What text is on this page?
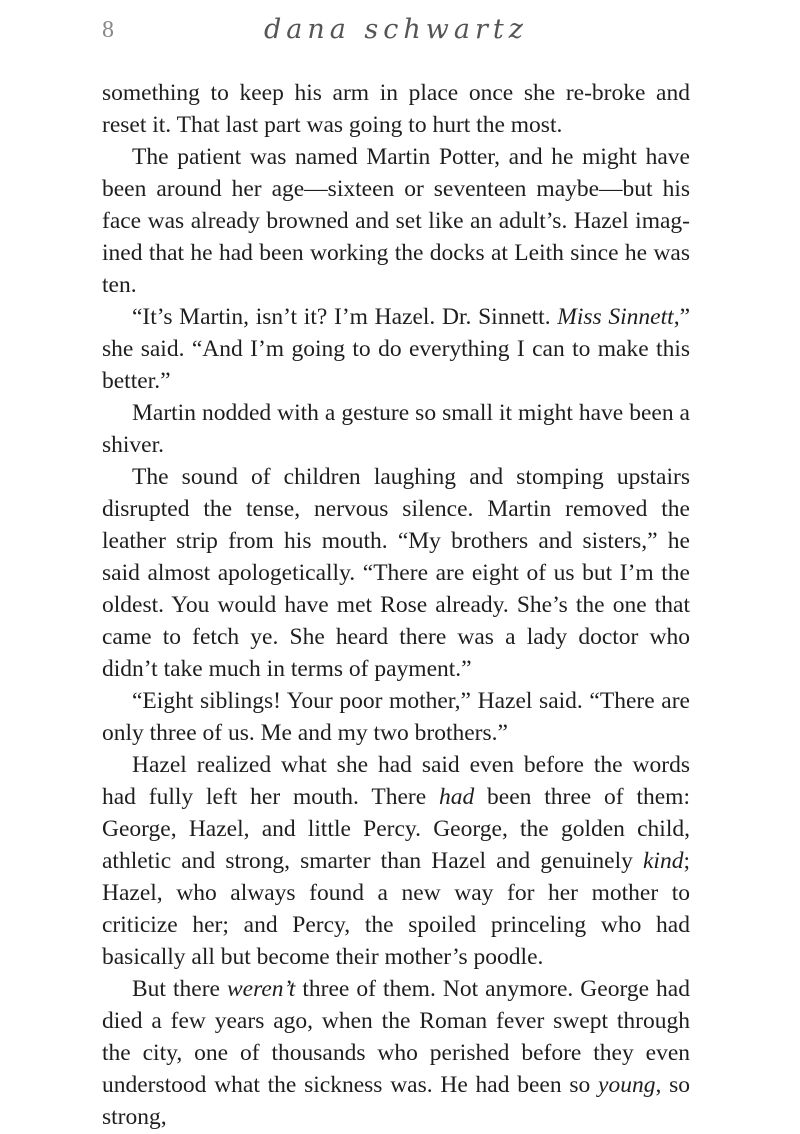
8	dana schwartz

something to keep his arm in place once she re-broke and reset it. That last part was going to hurt the most.

The patient was named Martin Potter, and he might have been around her age—sixteen or seventeen maybe—but his face was already browned and set like an adult’s. Hazel imagined that he had been working the docks at Leith since he was ten.

“It’s Martin, isn’t it? I’m Hazel. Dr. Sinnett. Miss Sinnett,” she said. “And I’m going to do everything I can to make this better.”

Martin nodded with a gesture so small it might have been a shiver.

The sound of children laughing and stomping upstairs disrupted the tense, nervous silence. Martin removed the leather strip from his mouth. “My brothers and sisters,” he said almost apologetically. “There are eight of us but I’m the oldest. You would have met Rose already. She’s the one that came to fetch ye. She heard there was a lady doctor who didn’t take much in terms of payment.”

“Eight siblings! Your poor mother,” Hazel said. “There are only three of us. Me and my two brothers.”

Hazel realized what she had said even before the words had fully left her mouth. There had been three of them: George, Hazel, and little Percy. George, the golden child, athletic and strong, smarter than Hazel and genuinely kind; Hazel, who always found a new way for her mother to criticize her; and Percy, the spoiled princeling who had basically all but become their mother’s poodle.

But there weren’t three of them. Not anymore. George had died a few years ago, when the Roman fever swept through the city, one of thousands who perished before they even understood what the sickness was. He had been so young, so strong,
